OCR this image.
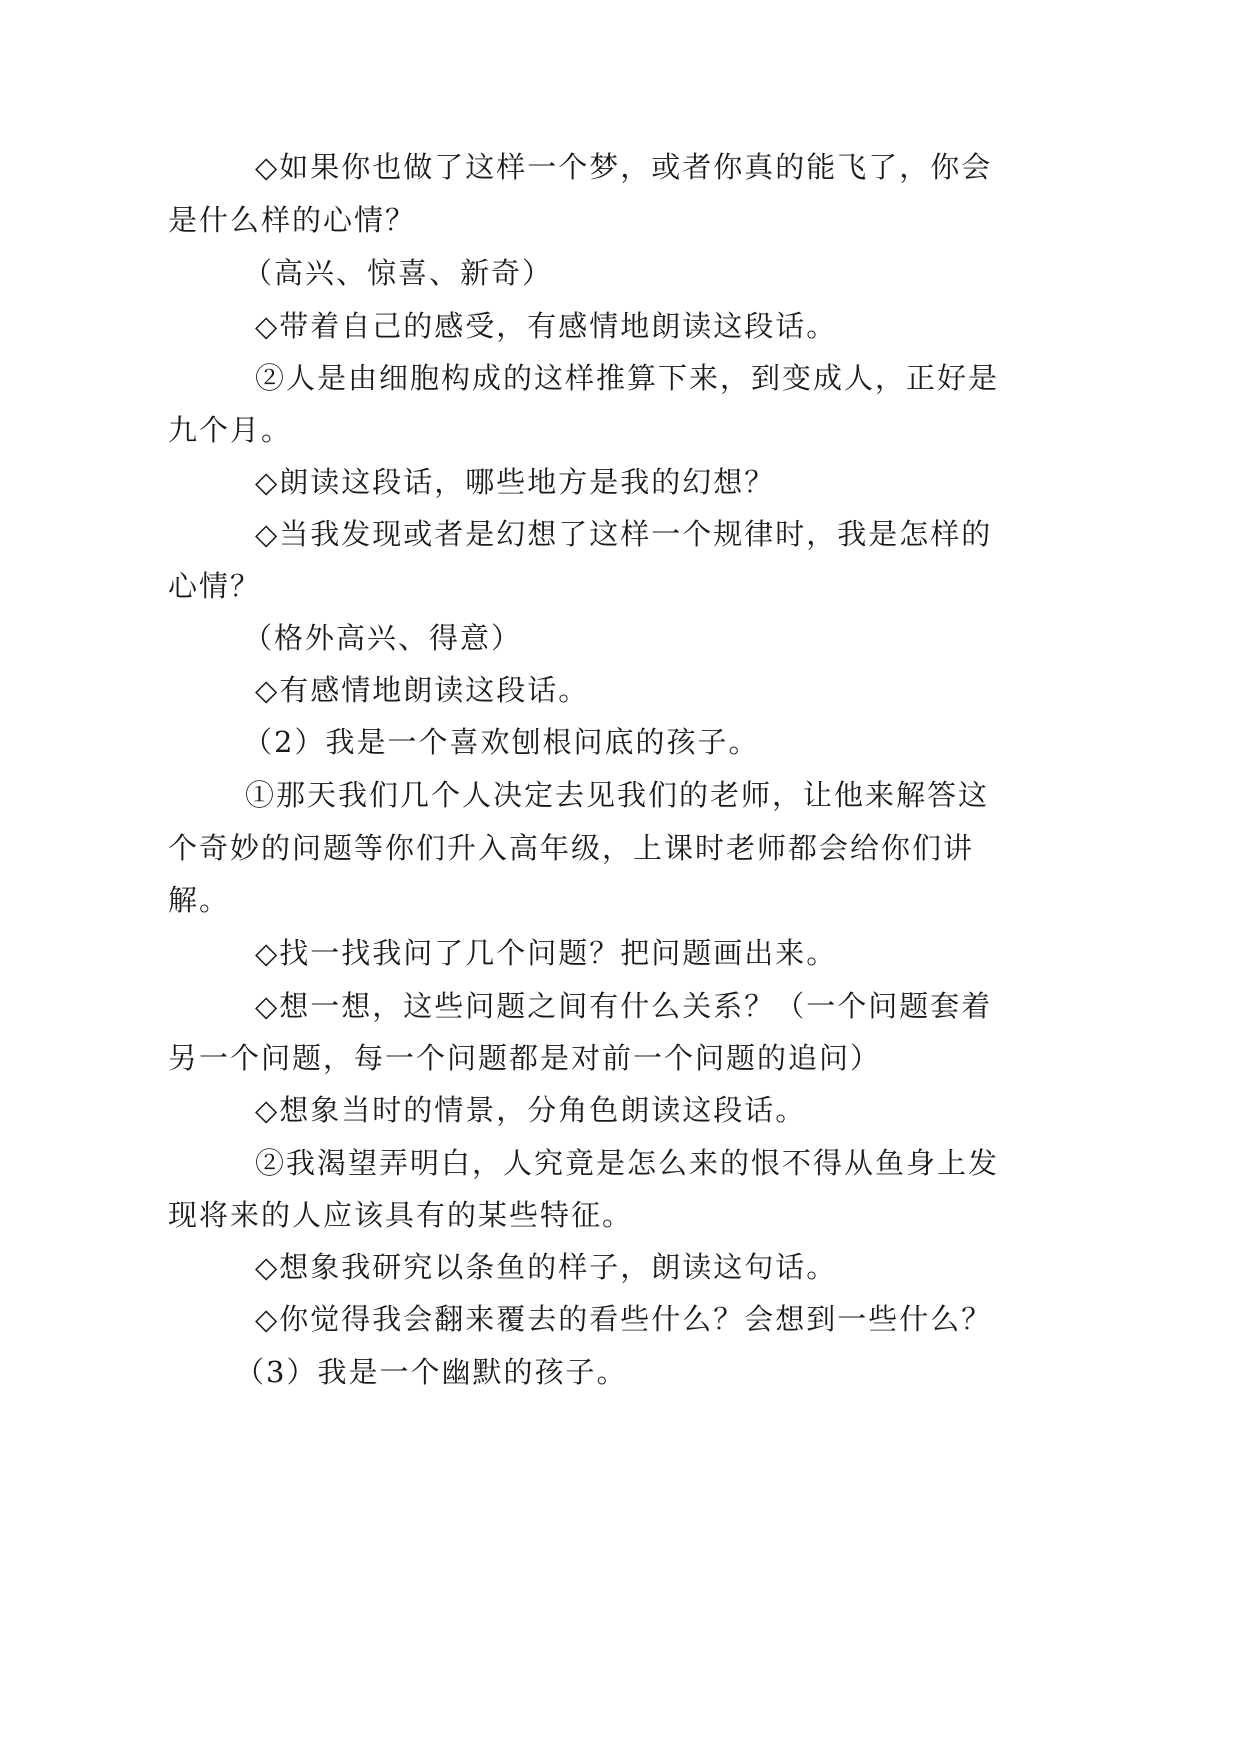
◇如果你也做了这样一个梦，或者你真的能飞了，你会
是什么样的心情？
（高兴、惊喜、新奇）
◇带着自己的感受，有感情地朗读这段话。
②人是由细胞构成的这样推算下来，到变成人，正好是
九个月。
◇朗读这段话，哪些地方是我的幻想？
◇当我发现或者是幻想了这样一个规律时，我是怎样的
心情？
（格外高兴、得意）
◇有感情地朗读这段话。
（2）我是一个喜欢刨根问底的孩子。
①那天我们几个人决定去见我们的老师，让他来解答这
个奇妙的问题等你们升入高年级，上课时老师都会给你们讲
解。
◇找一找我问了几个问题？把问题画出来。
◇想一想，这些问题之间有什么关系？（一个问题套着
另一个问题，每一个问题都是对前一个问题的追问）
◇想象当时的情景，分角色朗读这段话。
②我渴望弄明白，人究竟是怎么来的恨不得从鱼身上发
现将来的人应该具有的某些特征。
◇想象我研究以条鱼的样子，朗读这句话。
◇你觉得我会翻来覆去的看些什么？会想到一些什么？
（3）我是一个幽默的孩子。
